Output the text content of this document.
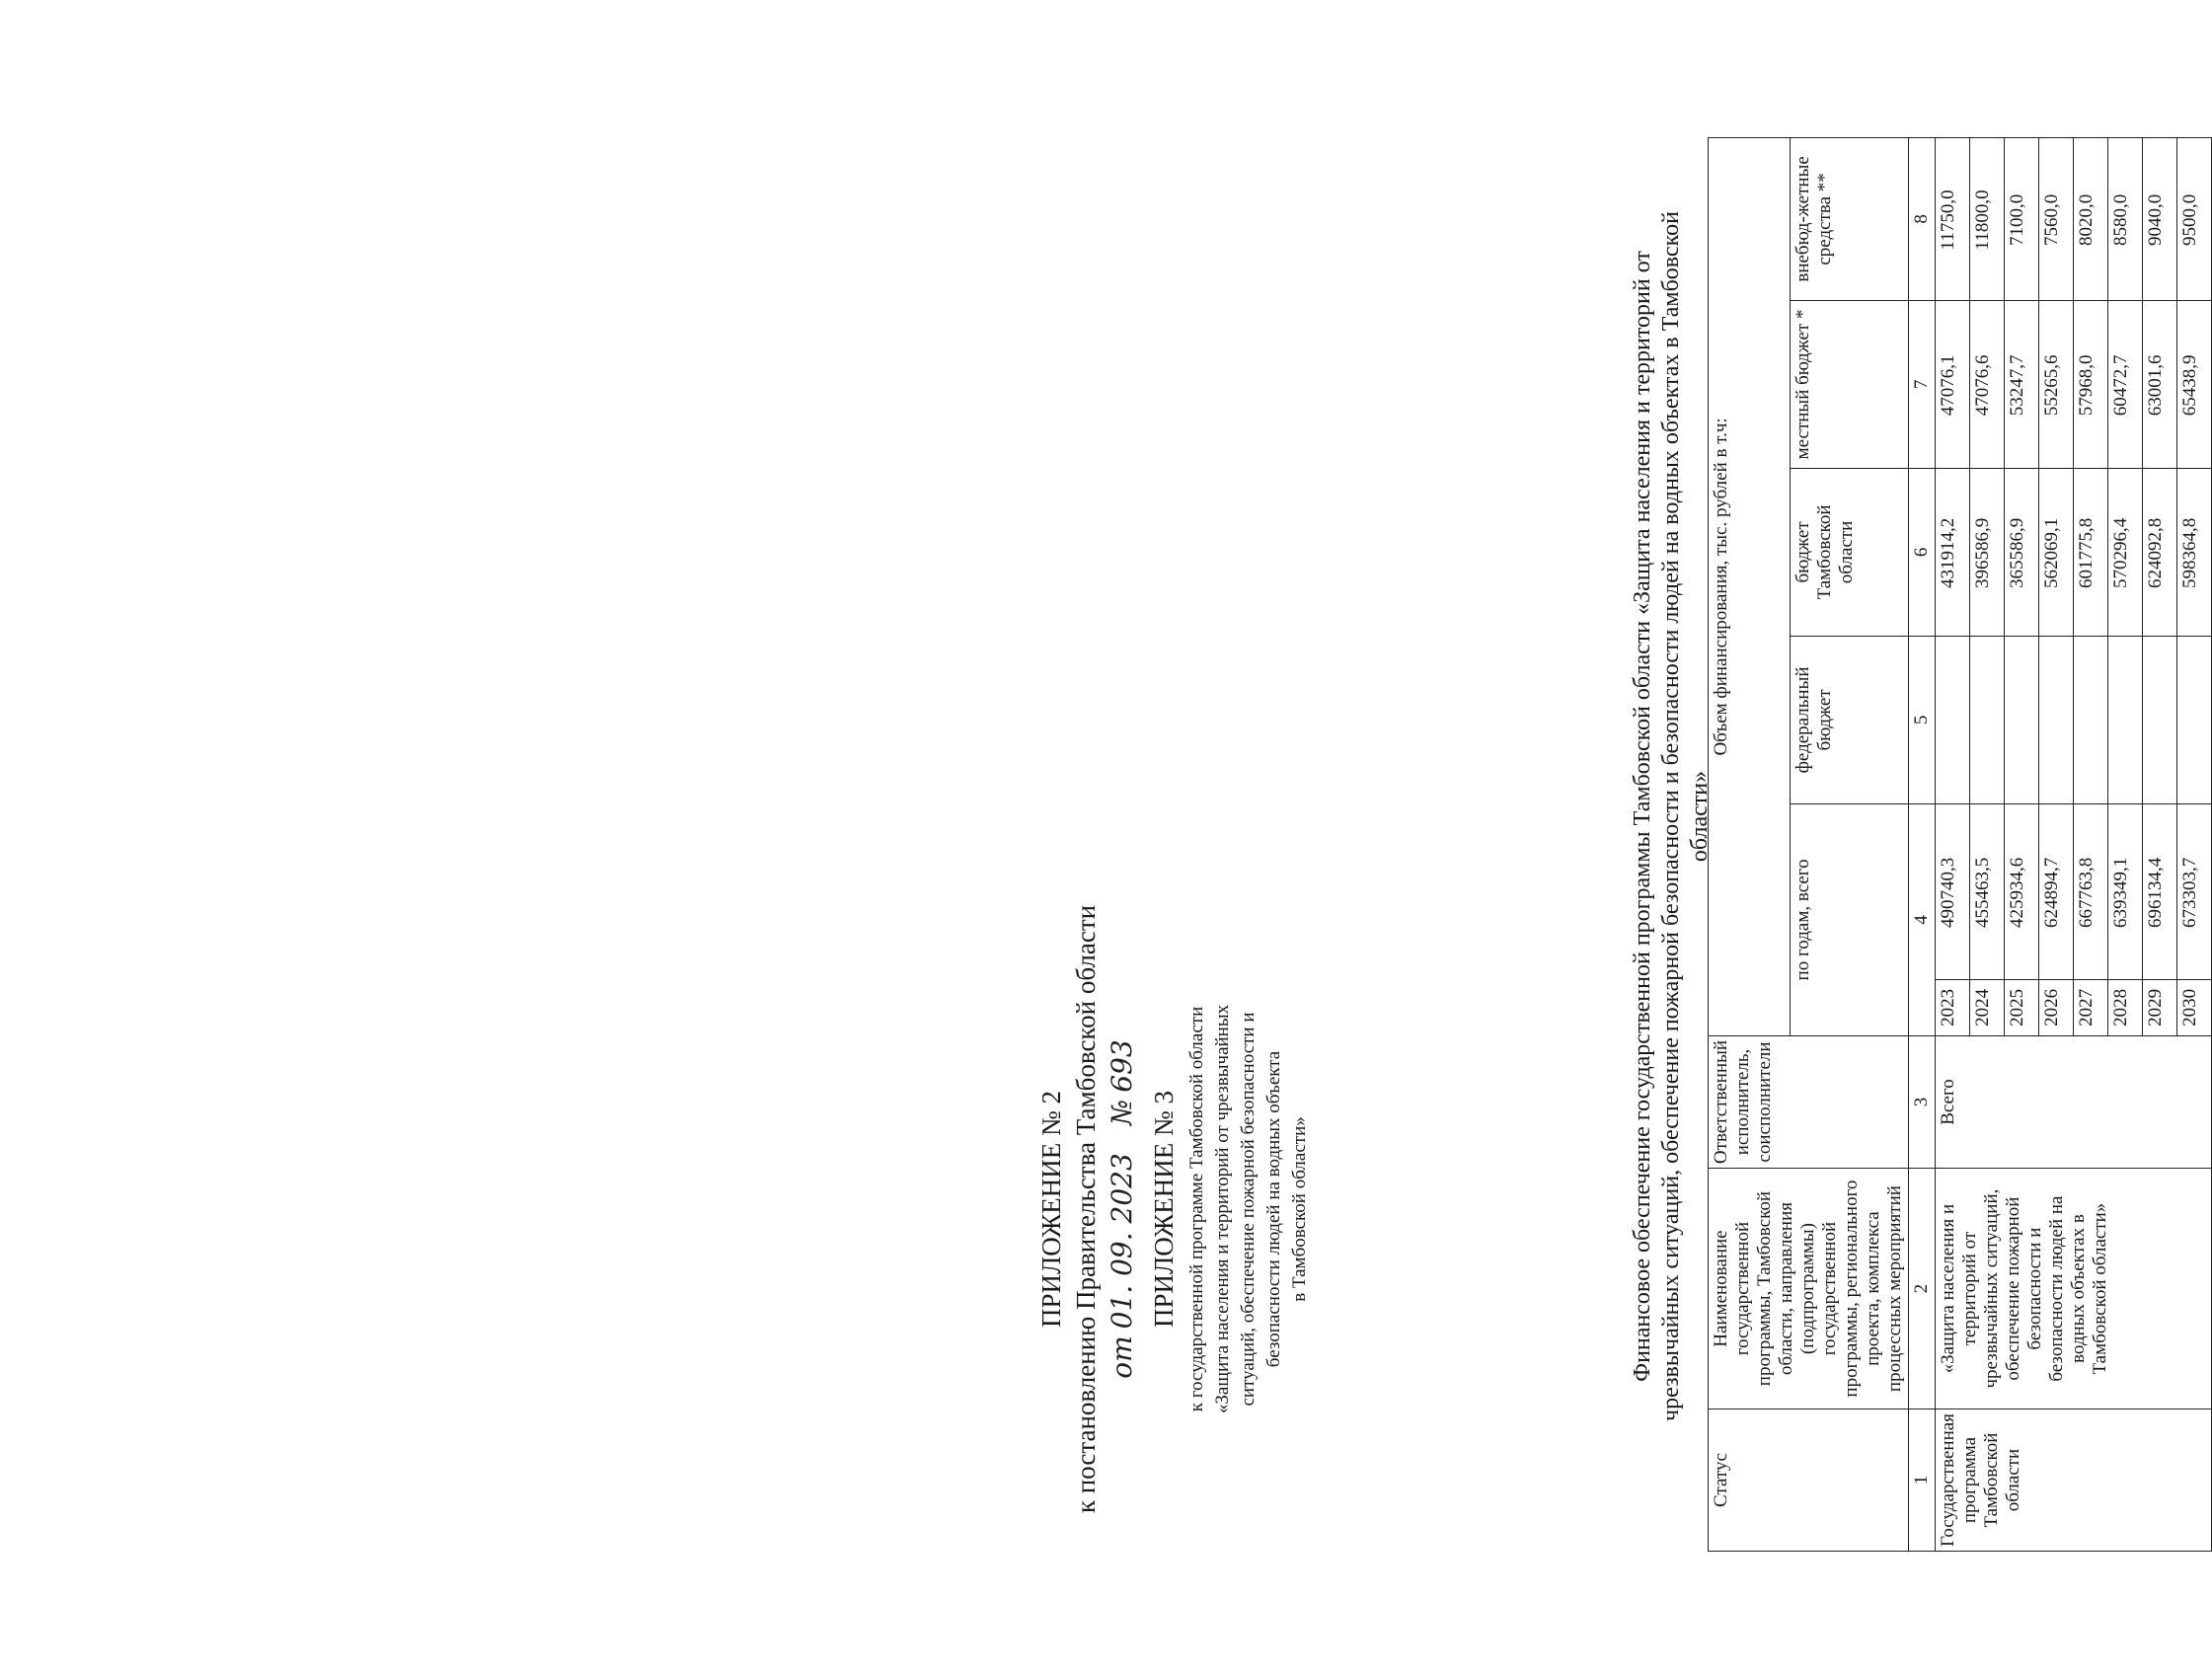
ПРИЛОЖЕНИЕ № 2 к постановлению Правительства Тамбовской области от 01. 09. 2023    № 693
ПРИЛОЖЕНИЕ № 3 к государственной программе Тамбовской области «Защита населения и территорий от чрезвычайных ситуаций, обеспечение пожарной безопасности и безопасности людей на водных объекта в Тамбовской области»	Финансовое обеспечение государственной программы Тамбовской области «Защита населения и территорий от чрезвычайных ситуаций, обеспечение пожарной безопасности и безопасности людей на водных объектах в Тамбовской области»
Статус	Наименование государственной программы, Тамбовской области, направления (подпрограммы) государственной программы, регионального проекта, комплекса процессных мероприятий	Ответственный исполнитель, соисполнители	Объем финансирования, тыс. рублей в т.ч:					
			по годам, всего		федеральный бюджет	бюджет Тамбовской области	местный бюджет *	внебюд-жетные средства **
1	2	3	4		5	6	7	8
Государственная программа Тамбовской области	«Защита населения и территорий от чрезвычайных ситуаций, обеспечение пожарной безопасности и безопасности людей на водных объектах в Тамбовской области»	Всего	2023	490740,3		431914,2	47076,1	11750,0
			2024	455463,5		396586,9	47076,6	11800,0
			2025	425934,6		365586,9	53247,7	7100,0
			2026	624894,7		562069,1	55265,6	7560,0
			2027	667763,8		601775,8	57968,0	8020,0
			2028	639349,1		570296,4	60472,7	8580,0
			2029	696134,4		624092,8	63001,6	9040,0
			2030	673303,7		598364,8	65438,9	9500,0
